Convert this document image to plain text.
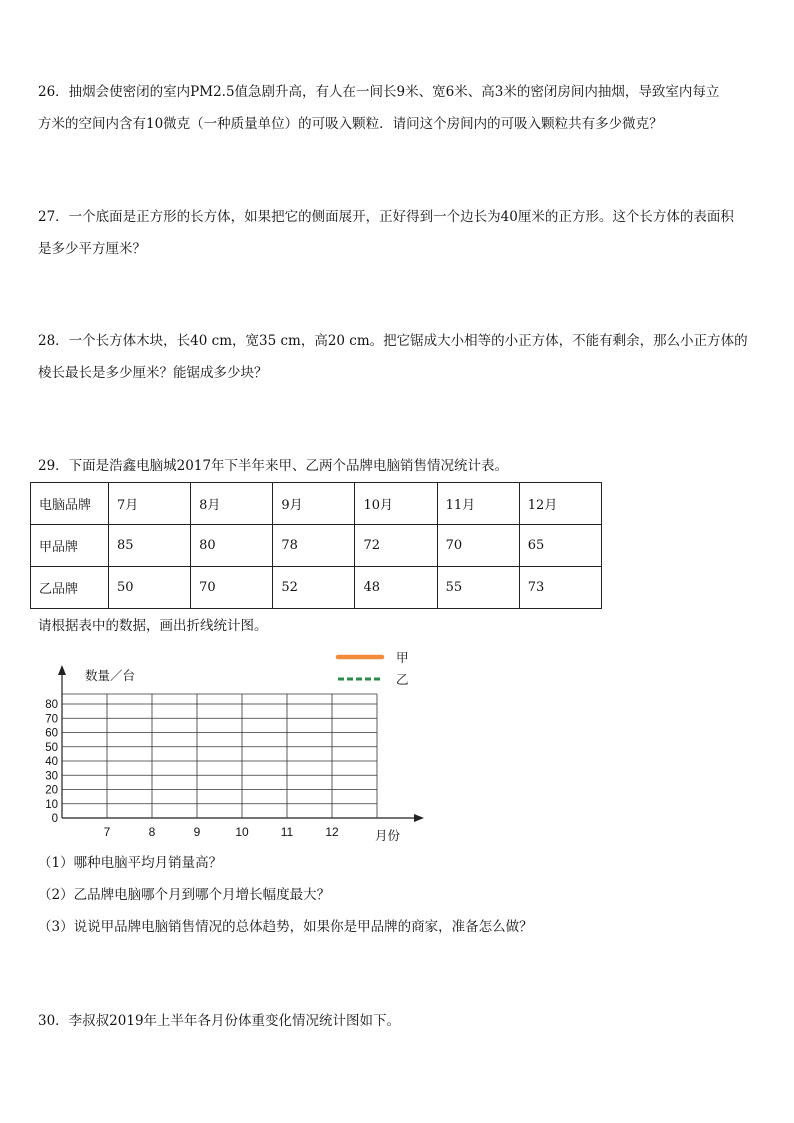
26．抽烟会使密闭的室内PM2.5值急剧升高，有人在一间长9米、宽6米、高3米的密闭房间内抽烟，导致室内每立

方米的空间内含有10微克（一种质量单位）的可吸入颗粒．请问这个房间内的可吸入颗粒共有多少微克？

27．一个底面是正方形的长方体，如果把它的侧面展开，正好得到一个边长为40厘米的正方形。这个长方体的表面积

是多少平方厘米？

28．一个长方体木块，长40 cm，宽35 cm，高20 cm。把它锯成大小相等的小正方体，不能有剩余，那么小正方体的

棱长最长是多少厘米？能锯成多少块？

29．下面是浩鑫电脑城2017年下半年来甲、乙两个品牌电脑销售情况统计表。

电脑品牌	7月	8月	9月	10月	11月	12月
甲品牌	85	80	78	72	70	65
乙品牌	50	70	52	48	55	73

请根据表中的数据，画出折线统计图。

0
10
20
30
40
50
60
70
80
7	8	9	10	11	12
数量／台
月份
甲
乙
（1）哪种电脑平均月销量高？
（2）乙品牌电脑哪个月到哪个月增长幅度最大？
（3）说说甲品牌电脑销售情况的总体趋势，如果你是甲品牌的商家，准备怎么做？

30．李叔叔2019年上半年各月份体重变化情况统计图如下。
